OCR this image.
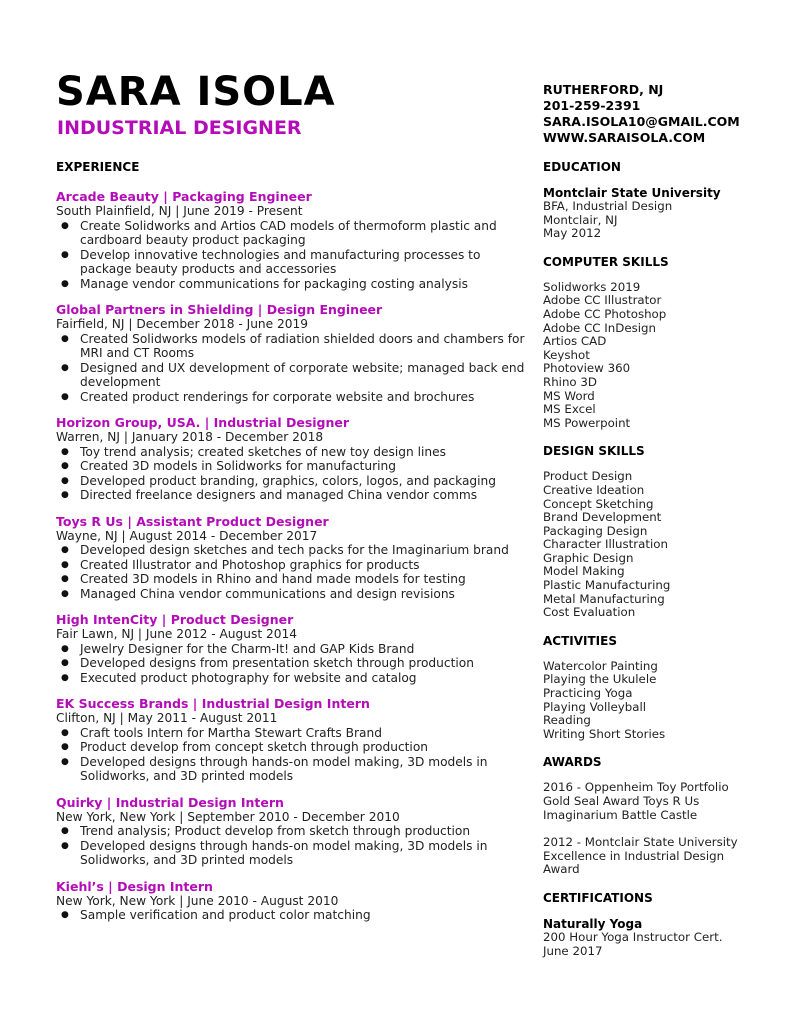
SARA ISOLA
INDUSTRIAL DESIGNER
RUTHERFORD, NJ
201-259-2391
SARA.ISOLA10@GMAIL.COM
WWW.SARAISOLA.COM
EXPERIENCE
Arcade Beauty | Packaging Engineer
South Plainfield, NJ | June 2019 - Present
● Create Solidworks and Artios CAD models of thermoform plastic and cardboard beauty product packaging
● Develop innovative technologies and manufacturing processes to package beauty products and accessories
● Manage vendor communications for packaging costing analysis
Global Partners in Shielding | Design Engineer
Fairfield, NJ | December 2018 - June 2019
● Created Solidworks models of radiation shielded doors and chambers for MRI and CT Rooms
● Designed and UX development of corporate website; managed back end development
● Created product renderings for corporate website and brochures
Horizon Group, USA. | Industrial Designer
Warren, NJ | January 2018 - December 2018
● Toy trend analysis; created sketches of new toy design lines
● Created 3D models in Solidworks for manufacturing
● Developed product branding, graphics, colors, logos, and packaging
● Directed freelance designers and managed China vendor comms
Toys R Us | Assistant Product Designer
Wayne, NJ | August 2014 - December 2017
● Developed design sketches and tech packs for the Imaginarium brand
● Created Illustrator and Photoshop graphics for products
● Created 3D models in Rhino and hand made models for testing
● Managed China vendor communications and design revisions
High IntenCity | Product Designer
Fair Lawn, NJ | June 2012 - August 2014
● Jewelry Designer for the Charm-It! and GAP Kids Brand
● Developed designs from presentation sketch through production
● Executed product photography for website and catalog
EK Success Brands | Industrial Design Intern
Clifton, NJ | May 2011 - August 2011
● Craft tools Intern for Martha Stewart Crafts Brand
● Product develop from concept sketch through production
● Developed designs through hands-on model making, 3D models in Solidworks, and 3D printed models
Quirky | Industrial Design Intern
New York, New York | September 2010 - December 2010
● Trend analysis; Product develop from sketch through production
● Developed designs through hands-on model making, 3D models in Solidworks, and 3D printed models
Kiehl’s | Design Intern
New York, New York | June 2010 - August 2010
● Sample verification and product color matching
EDUCATION
Montclair State University
BFA, Industrial Design
Montclair, NJ
May 2012
COMPUTER SKILLS
Solidworks 2019
Adobe CC Illustrator
Adobe CC Photoshop
Adobe CC InDesign
Artios CAD
Keyshot
Photoview 360
Rhino 3D
MS Word
MS Excel
MS Powerpoint
DESIGN SKILLS
Product Design
Creative Ideation
Concept Sketching
Brand Development
Packaging Design
Character Illustration
Graphic Design
Model Making
Plastic Manufacturing
Metal Manufacturing
Cost Evaluation
ACTIVITIES
Watercolor Painting
Playing the Ukulele
Practicing Yoga
Playing Volleyball
Reading
Writing Short Stories
AWARDS
2016 - Oppenheim Toy Portfolio
Gold Seal Award Toys R Us
Imaginarium Battle Castle
2012 - Montclair State University
Excellence in Industrial Design
Award
CERTIFICATIONS
Naturally Yoga
200 Hour Yoga Instructor Cert.
June 2017
